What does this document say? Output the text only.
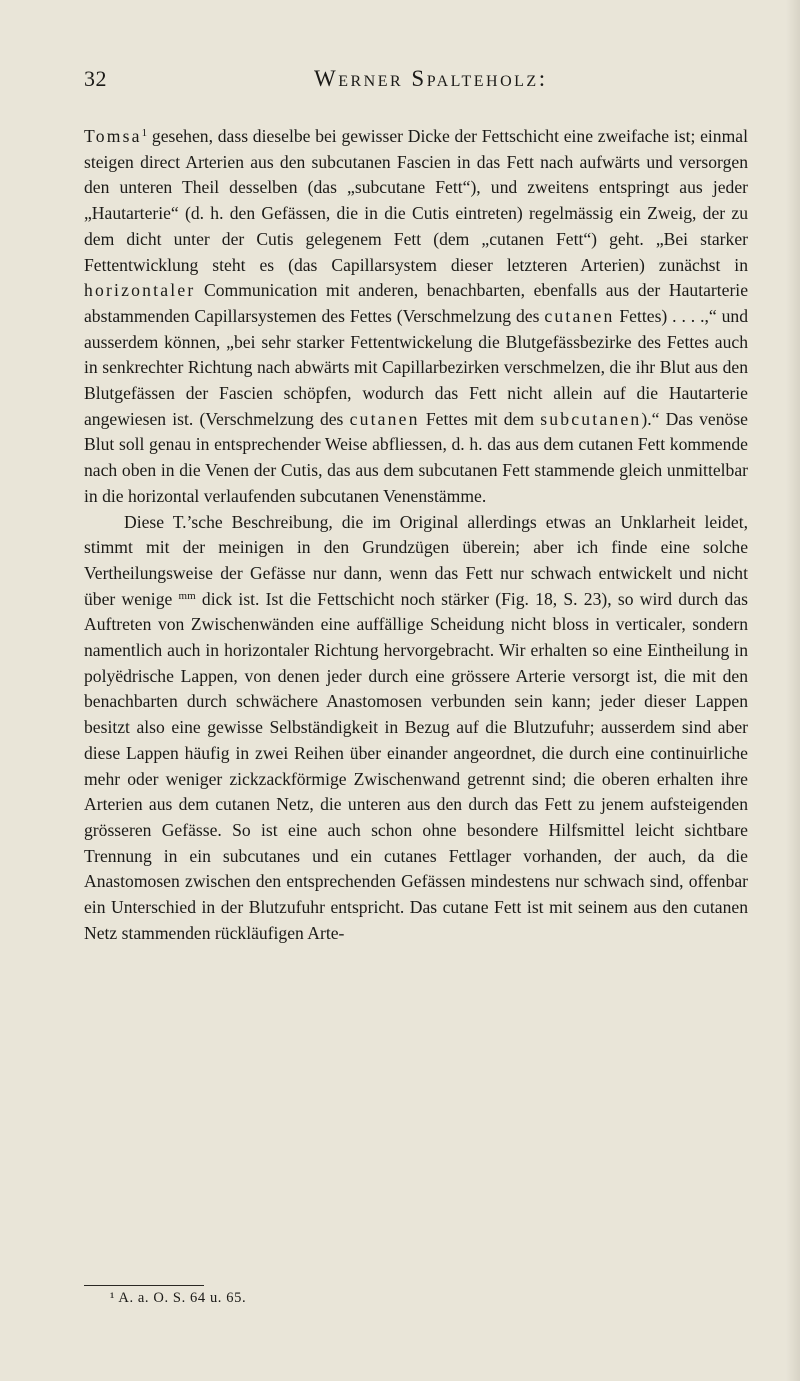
32	Werner Spalteholz:

Tomsa$^1$ gesehen, dass dieselbe bei gewisser Dicke der Fettschicht eine zweifache ist; einmal steigen direct Arterien aus den subcutanen Fascien in das Fett nach aufwärts und versorgen den unteren Theil desselben (das „subcutane Fett“), und zweitens entspringt aus jeder „Hautarterie“ (d. h. den Gefässen, die in die Cutis eintreten) regelmässig ein Zweig, der zu dem dicht unter der Cutis gelegenem Fett (dem „cutanen Fett“) geht. „Bei starker Fettentwicklung steht es (das Capillarsystem dieser letzteren Arterien) zunächst in horizontaler Communication mit anderen, benachbarten, ebenfalls aus der Hautarterie abstammenden Capillarsystemen des Fettes (Verschmelzung des cutanen Fettes) . . . .,“ und ausserdem können, „bei sehr starker Fettentwickelung die Blutgefässbezirke des Fettes auch in senkrechter Richtung nach abwärts mit Capillarbezirken verschmelzen, die ihr Blut aus den Blutgefässen der Fascien schöpfen, wodurch das Fett nicht allein auf die Hautarterie angewiesen ist. (Verschmelzung des cutanen Fettes mit dem subcutanen).“ Das venöse Blut soll genau in entsprechender Weise abfliessen, d. h. das aus dem cutanen Fett kommende nach oben in die Venen der Cutis, das aus dem subcutanen Fett stammende gleich unmittelbar in die horizontal verlaufenden subcutanen Venenstämme.

Diese T.’sche Beschreibung, die im Original allerdings etwas an Unklarheit leidet, stimmt mit der meinigen in den Grundzügen überein; aber ich finde eine solche Vertheilungsweise der Gefässe nur dann, wenn das Fett nur schwach entwickelt und nicht über wenige $^{mm}$ dick ist. Ist die Fettschicht noch stärker (Fig. 18, S. 23), so wird durch das Auftreten von Zwischenwänden eine auffällige Scheidung nicht bloss in verticaler, sondern namentlich auch in horizontaler Richtung hervorgebracht. Wir erhalten so eine Eintheilung in polyëdrische Lappen, von denen jeder durch eine grössere Arterie versorgt ist, die mit den benachbarten durch schwächere Anastomosen verbunden sein kann; jeder dieser Lappen besitzt also eine gewisse Selbständigkeit in Bezug auf die Blutzufuhr; ausserdem sind aber diese Lappen häufig in zwei Reihen über einander angeordnet, die durch eine continuirliche mehr oder weniger zickzackförmige Zwischenwand getrennt sind; die oberen erhalten ihre Arterien aus dem cutanen Netz, die unteren aus den durch das Fett zu jenem aufsteigenden grösseren Gefässe. So ist eine auch schon ohne besondere Hilfsmittel leicht sichtbare Trennung in ein subcutanes und ein cutanes Fettlager vorhanden, der auch, da die Anastomosen zwischen den entsprechenden Gefässen mindestens nur schwach sind, offenbar ein Unterschied in der Blutzufuhr entspricht. Das cutane Fett ist mit seinem aus den cutanen Netz stammenden rückläufigen Arte-

¹ A. a. O. S. 64 u. 65.
